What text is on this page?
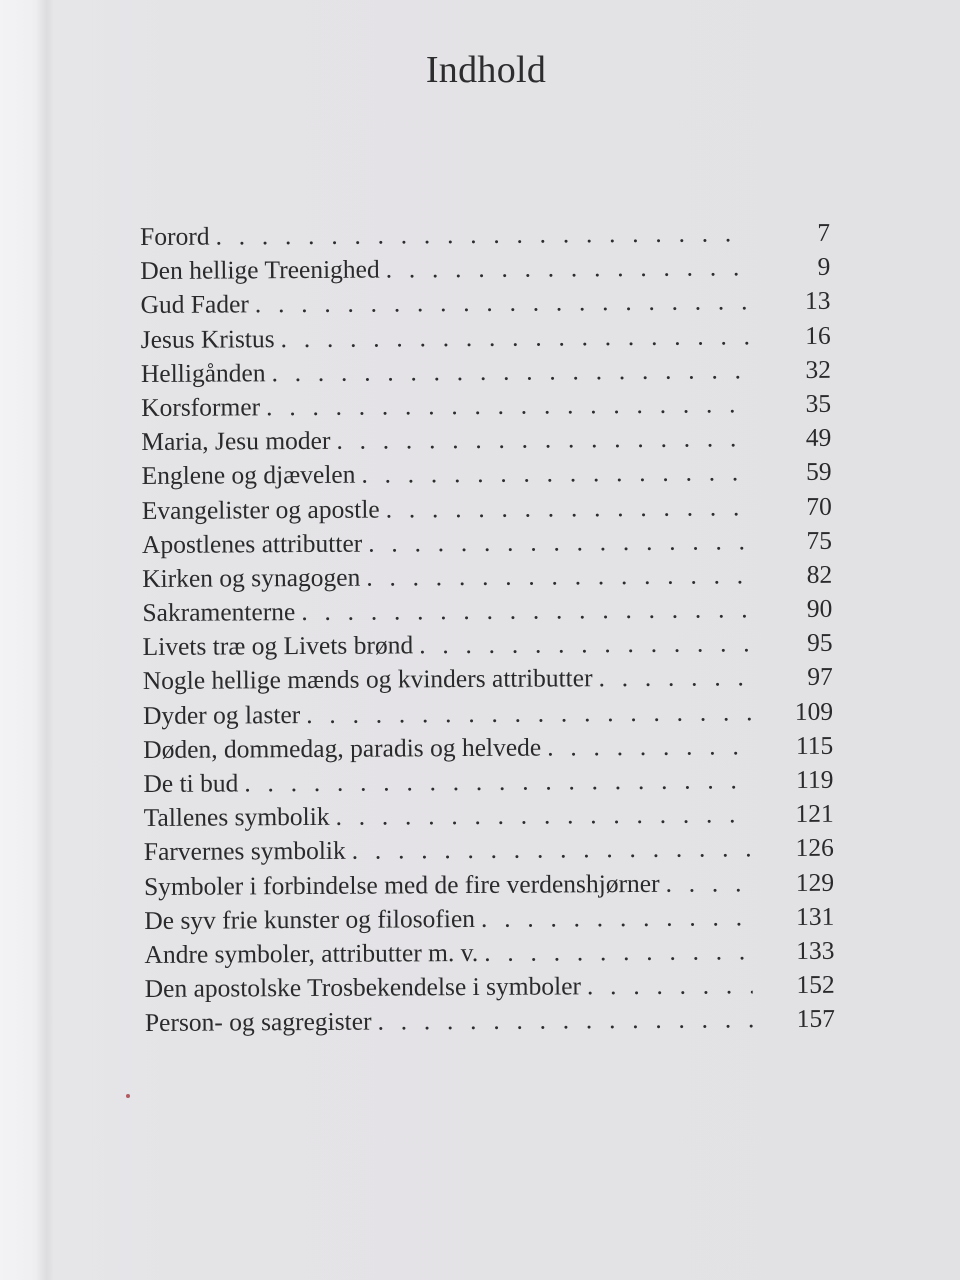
Indhold
Forord . . .	7
Den hellige Treenighed . . .	9
Gud Fader . . .	13
Jesus Kristus . . .	16
Helligånden . . .	32
Korsformer . . .	35
Maria, Jesu moder . . .	49
Englene og djævelen . . .	59
Evangelister og apostle . . .	70
Apostlenes attributter . . .	75
Kirken og synagogen . . .	82
Sakramenterne . . .	90
Livets træ og Livets brønd . . .	95
Nogle hellige mænds og kvinders attributter . . .	97
Dyder og laster . . .	109
Døden, dommedag, paradis og helvede . . .	115
De ti bud . . .	119
Tallenes symbolik . . .	121
Farvernes symbolik . . .	126
Symboler i forbindelse med de fire verdenshjørner . . .	129
De syv frie kunster og filosofien . . .	131
Andre symboler, attributter m. v. . . .	133
Den apostolske Trosbekendelse i symboler . . .	152
Person- og sagregister . . .	157
